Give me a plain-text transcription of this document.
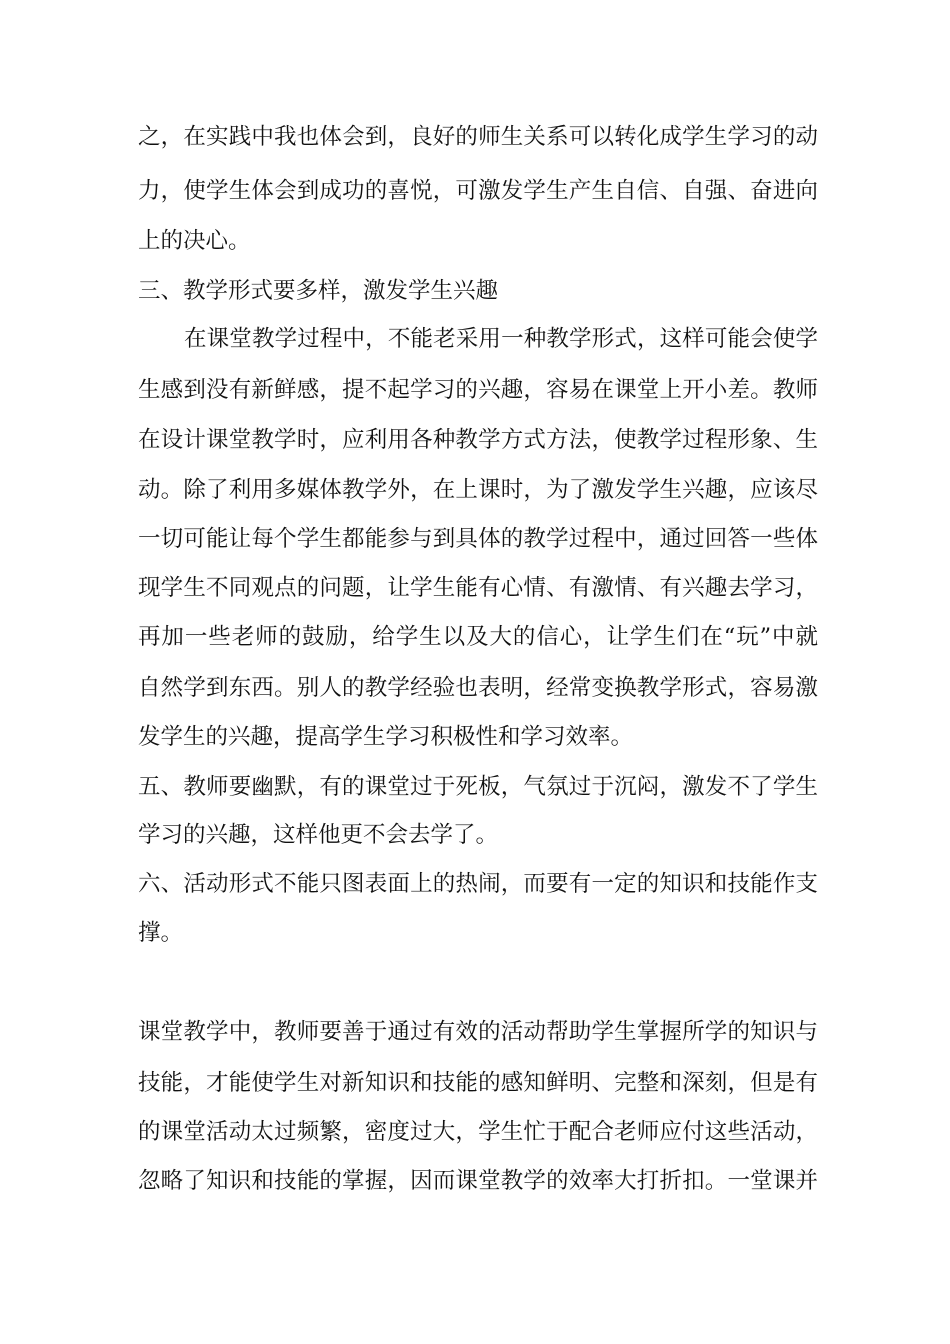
之，在实践中我也体会到，良好的师生关系可以转化成学生学习的动
力，使学生体会到成功的喜悦，可激发学生产生自信、自强、奋进向
上的决心。
三、教学形式要多样，激发学生兴趣
在课堂教学过程中，不能老采用一种教学形式，这样可能会使学
生感到没有新鲜感，提不起学习的兴趣，容易在课堂上开小差。教师
在设计课堂教学时，应利用各种教学方式方法，使教学过程形象、生
动。除了利用多媒体教学外，在上课时，为了激发学生兴趣，应该尽
一切可能让每个学生都能参与到具体的教学过程中，通过回答一些体
现学生不同观点的问题，让学生能有心情、有激情、有兴趣去学习，
再加一些老师的鼓励，给学生以及大的信心，让学生们在“玩”中就
自然学到东西。别人的教学经验也表明，经常变换教学形式，容易激
发学生的兴趣，提高学生学习积极性和学习效率。
五、教师要幽默，有的课堂过于死板，气氛过于沉闷，激发不了学生
学习的兴趣，这样他更不会去学了。
六、活动形式不能只图表面上的热闹，而要有一定的知识和技能作支
撑。
课堂教学中，教师要善于通过有效的活动帮助学生掌握所学的知识与
技能，才能使学生对新知识和技能的感知鲜明、完整和深刻，但是有
的课堂活动太过频繁，密度过大，学生忙于配合老师应付这些活动，
忽略了知识和技能的掌握，因而课堂教学的效率大打折扣。一堂课并
